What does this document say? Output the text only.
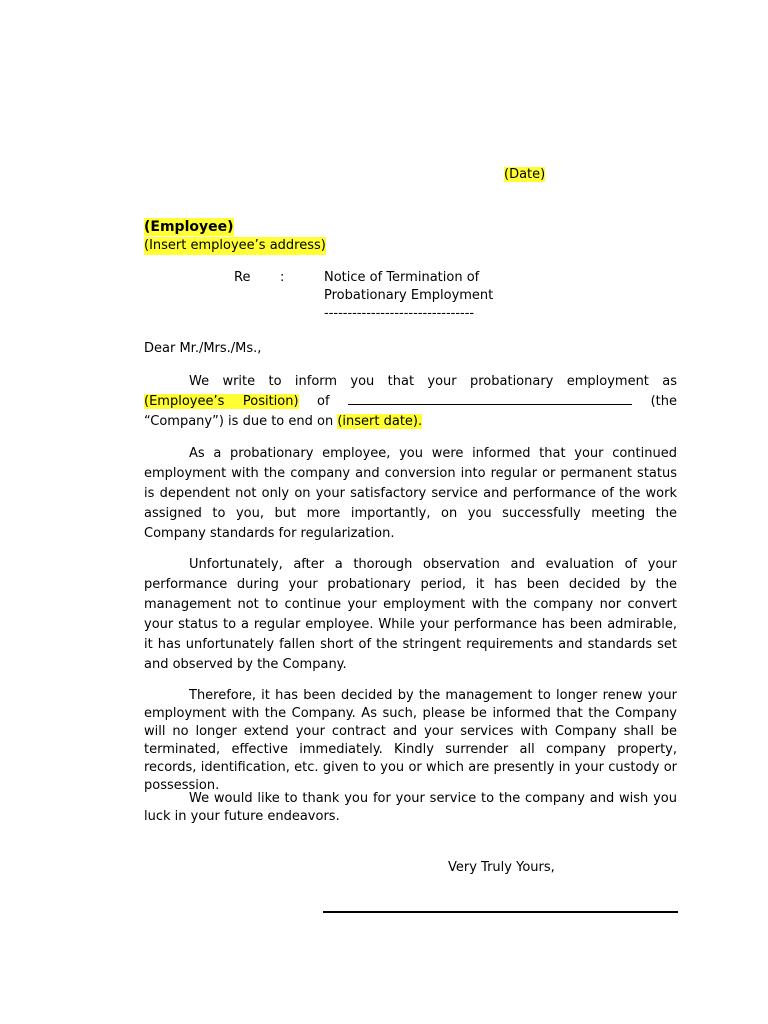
(Date)
(Employee)
(Insert employee’s address)
Re :	Notice of Termination of
Probationary Employment
--------------------------------
Dear Mr./Mrs./Ms.,

We write to inform you that your probationary employment as (Employee’s Position) of	(the “Company”) is due to end on (insert date).

As a probationary employee, you were informed that your continued employment with the company and conversion into regular or permanent status is dependent not only on your satisfactory service and performance of the work assigned to you, but more importantly, on you successfully meeting the Company standards for regularization.

Unfortunately, after a thorough observation and evaluation of your performance during your probationary period, it has been decided by the management not to continue your employment with the company nor convert your status to a regular employee. While your performance has been admirable, it has unfortunately fallen short of the stringent requirements and standards set and observed by the Company.

Therefore, it has been decided by the management to longer renew your employment with the Company. As such, please be informed that the Company will no longer extend your contract and your services with Company shall be terminated, effective immediately. Kindly surrender all company property, records, identification, etc. given to you or which are presently in your custody or possession.

We would like to thank you for your service to the company and wish you luck in your future endeavors.

Very Truly Yours,
